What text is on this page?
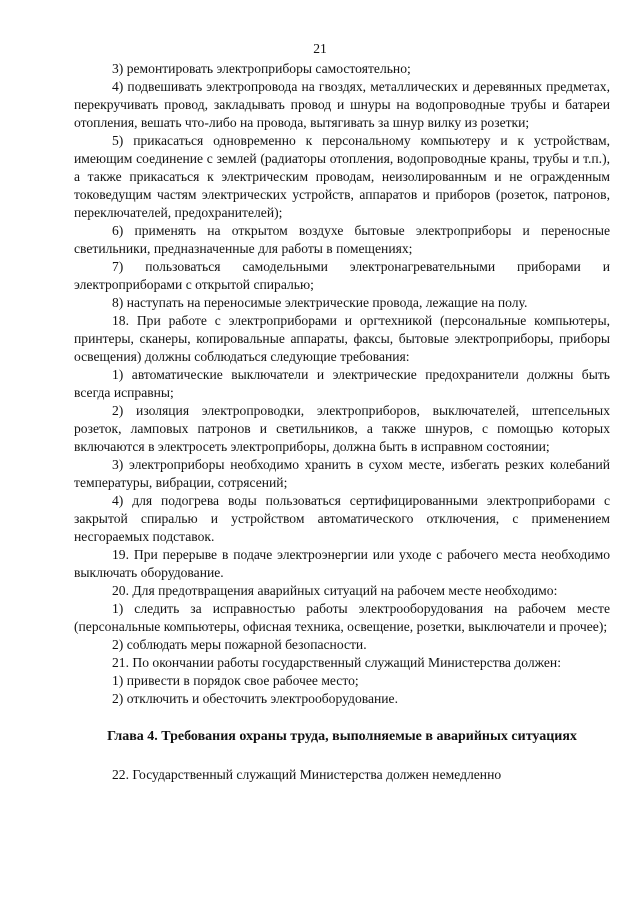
21

3) ремонтировать электроприборы самостоятельно;

4) подвешивать электропровода на гвоздях, металлических и деревянных предметах, перекручивать провод, закладывать провод и шнуры на водопроводные трубы и батареи отопления, вешать что-либо на провода, вытягивать за шнур вилку из розетки;

5) прикасаться одновременно к персональному компьютеру и к устройствам, имеющим соединение с землей (радиаторы отопления, водопроводные краны, трубы и т.п.), а также прикасаться к электрическим проводам, неизолированным и не огражденным токоведущим частям электрических устройств, аппаратов и приборов (розеток, патронов, переключателей, предохранителей);

6) применять на открытом воздухе бытовые электроприборы и переносные светильники, предназначенные для работы в помещениях;

7) пользоваться самодельными электронагревательными приборами и электроприборами с открытой спиралью;

8) наступать на переносимые электрические провода, лежащие на полу.

18. При работе с электроприборами и оргтехникой (персональные компьютеры, принтеры, сканеры, копировальные аппараты, факсы, бытовые электроприборы, приборы освещения) должны соблюдаться следующие требования:

1) автоматические выключатели и электрические предохранители должны быть всегда исправны;

2) изоляция электропроводки, электроприборов, выключателей, штепсельных розеток, ламповых патронов и светильников, а также шнуров, с помощью которых включаются в электросеть электроприборы, должна быть в исправном состоянии;

3) электроприборы необходимо хранить в сухом месте, избегать резких колебаний температуры, вибрации, сотрясений;

4) для подогрева воды пользоваться сертифицированными электроприборами с закрытой спиралью и устройством автоматического отключения, с применением несгораемых подставок.

19. При перерыве в подаче электроэнергии или уходе с рабочего места необходимо выключать оборудование.

20. Для предотвращения аварийных ситуаций на рабочем месте необходимо:

1) следить за исправностью работы электрооборудования на рабочем месте (персональные компьютеры, офисная техника, освещение, розетки, выключатели и прочее);

2) соблюдать меры пожарной безопасности.

21. По окончании работы государственный служащий Министерства должен:

1) привести в порядок свое рабочее место;

2) отключить и обесточить электрооборудование.

Глава 4. Требования охраны труда, выполняемые в аварийных ситуациях

22. Государственный служащий Министерства должен немедленно
